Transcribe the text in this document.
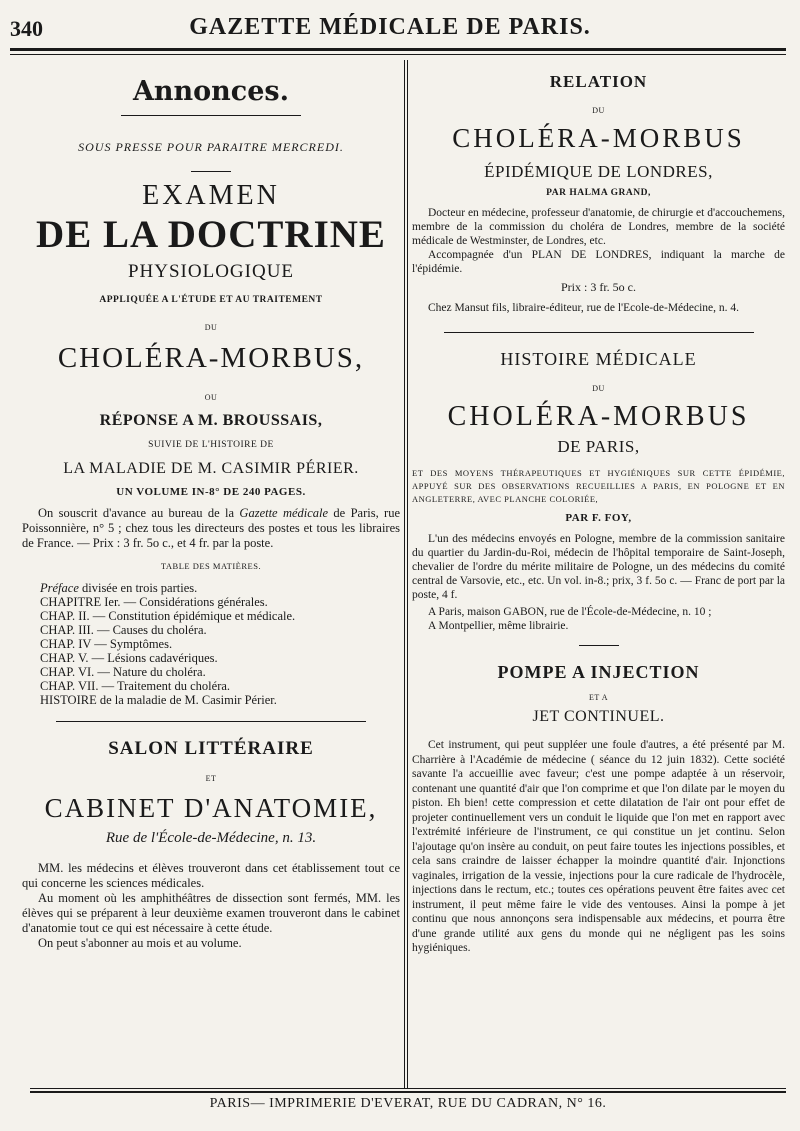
340	GAZETTE MÉDICALE DE PARIS.
Annonces.
SOUS PRESSE POUR PARAITRE MERCREDI.
EXAMEN
DE LA DOCTRINE
PHYSIOLOGIQUE
APPLIQUÉE A L'ÉTUDE ET AU TRAITEMENT
DU
CHOLÉRA-MORBUS,
OU
RÉPONSE A M. BROUSSAIS,
SUIVIE DE L'HISTOIRE DE
LA MALADIE DE M. CASIMIR PÉRIER.
UN VOLUME IN-8° DE 240 PAGES.

On souscrit d'avance au bureau de la Gazette médicale de Paris, rue Poissonnière, n° 5 ; chez tous les directeurs des postes et tous les libraires de France. — Prix : 3 fr. 5o c., et 4 fr. par la poste.

TABLE DES MATIÈRES.
Préface divisée en trois parties.
CHAPITRE Ier. — Considérations générales.
CHAP. II. — Constitution épidémique et médicale.
CHAP. III. — Causes du choléra.
CHAP. IV — Symptômes.
CHAP. V. — Lésions cadavériques.
CHAP. VI. — Nature du choléra.
CHAP. VII. — Traitement du choléra.
HISTOIRE de la maladie de M. Casimir Périer.
SALON LITTÉRAIRE
ET
CABINET D'ANATOMIE,
Rue de l'École-de-Médecine, n. 13.

MM. les médecins et élèves trouveront dans cet établissement tout ce qui concerne les sciences médicales.

Au moment où les amphithéâtres de dissection sont fermés, MM. les élèves qui se préparent à leur deuxième examen trouveront dans le cabinet d'anatomie tout ce qui est nécessaire à cette étude.

On peut s'abonner au mois et au volume.

RELATION
DU
CHOLÉRA-MORBUS
ÉPIDÉMIQUE DE LONDRES,
PAR HALMA GRAND,

Docteur en médecine, professeur d'anatomie, de chirurgie et d'accouchemens, membre de la commission du choléra de Londres, membre de la société médicale de Westminster, de Londres, etc.

Accompagnée d'un PLAN DE LONDRES, indiquant la marche de l'épidémie.

Prix : 3 fr. 5o c.

Chez Mansut fils, libraire-éditeur, rue de l'Ecole-de-Médecine, n. 4.

HISTOIRE MÉDICALE
DU
CHOLÉRA-MORBUS
DE PARIS,

ET DES MOYENS THÉRAPEUTIQUES ET HYGIÉNIQUES SUR CETTE ÉPIDÉMIE, APPUYÉ SUR DES OBSERVATIONS RECUEILLIES A PARIS, EN POLOGNE ET EN ANGLETERRE, AVEC PLANCHE COLORIÉE,

PAR F. FOY,

L'un des médecins envoyés en Pologne, membre de la commission sanitaire du quartier du Jardin-du-Roi, médecin de l'hôpital temporaire de Saint-Joseph, chevalier de l'ordre du mérite militaire de Pologne, un des médecins du comité central de Varsovie, etc., etc. Un vol. in-8.; prix, 3 f. 5o c. — Franc de port par la poste, 4 f.

A Paris, maison GABON, rue de l'École-de-Médecine, n. 10 ;

A Montpellier, même librairie.

POMPE A INJECTION
ET A
JET CONTINUEL.

Cet instrument, qui peut suppléer une foule d'autres, a été présenté par M. Charrière à l'Académie de médecine ( séance du 12 juin 1832). Cette société savante l'a accueillie avec faveur; c'est une pompe adaptée à un réservoir, contenant une quantité d'air que l'on comprime et que l'on dilate par le moyen du piston. Eh bien! cette compression et cette dilatation de l'air ont pour effet de projeter continuellement vers un conduit le liquide que l'on met en rapport avec l'extrémité inférieure de l'instrument, ce qui constitue un jet continu. Selon l'ajoutage qu'on insère au conduit, on peut faire toutes les injections possibles, et cela sans craindre de laisser échapper la moindre quantité d'air. Injonctions vaginales, irrigation de la vessie, injections pour la cure radicale de l'hydrocèle, injections dans le rectum, etc.; toutes ces opérations peuvent être faites avec cet instrument, il peut même faire le vide des ventouses. Ainsi la pompe à jet continu que nous annonçons sera indispensable aux médecins, et pourra être d'une grande utilité aux gens du monde qui ne négligent pas les soins hygiéniques.

PARIS— IMPRIMERIE D'EVERAT, RUE DU CADRAN, N° 16.
